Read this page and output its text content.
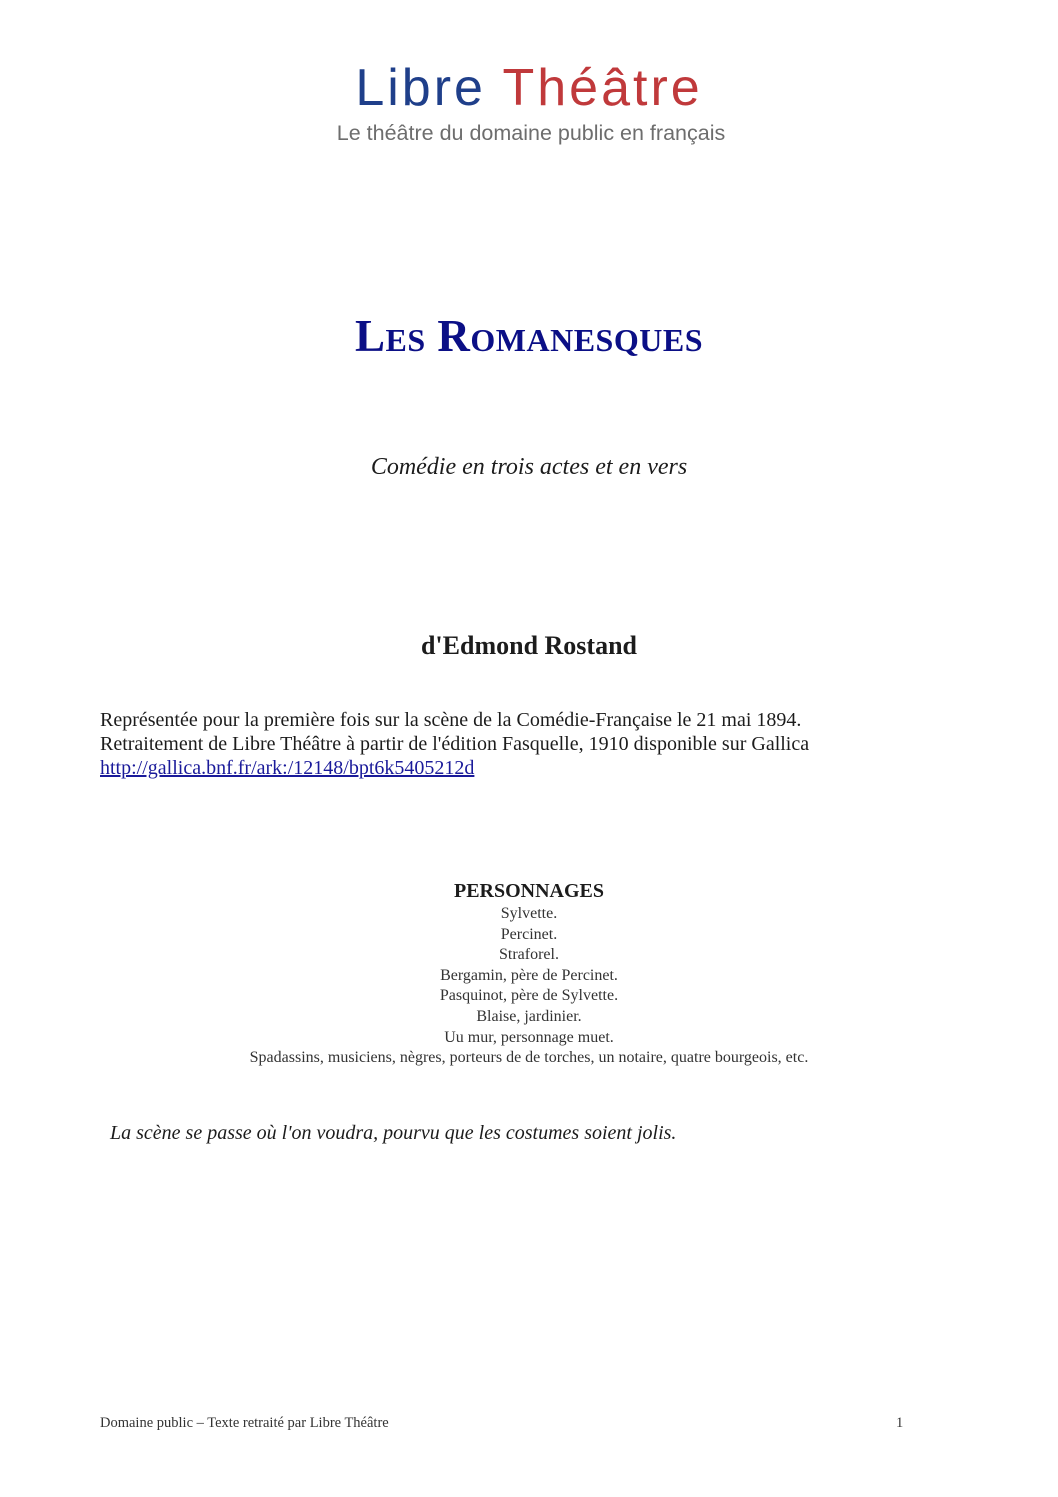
Libre Théâtre
Le théâtre du domaine public en français
Les Romanesques
Comédie en trois actes et en vers
d'Edmond Rostand
Représentée pour la première fois sur la scène de la Comédie-Française le 21 mai 1894.
Retraitement de Libre Théâtre à partir de l'édition Fasquelle, 1910 disponible sur Gallica
http://gallica.bnf.fr/ark:/12148/bpt6k5405212d
PERSONNAGES
Sylvette.
Percinet.
Straforel.
Bergamin, père de Percinet.
Pasquinot, père de Sylvette.
Blaise, jardinier.
Uu mur, personnage muet.
Spadassins, musiciens, nègres, porteurs de de torches, un notaire, quatre bourgeois, etc.
La scène se passe où l'on voudra, pourvu que les costumes soient jolis.
Domaine public – Texte retraité par Libre Théâtre	1
